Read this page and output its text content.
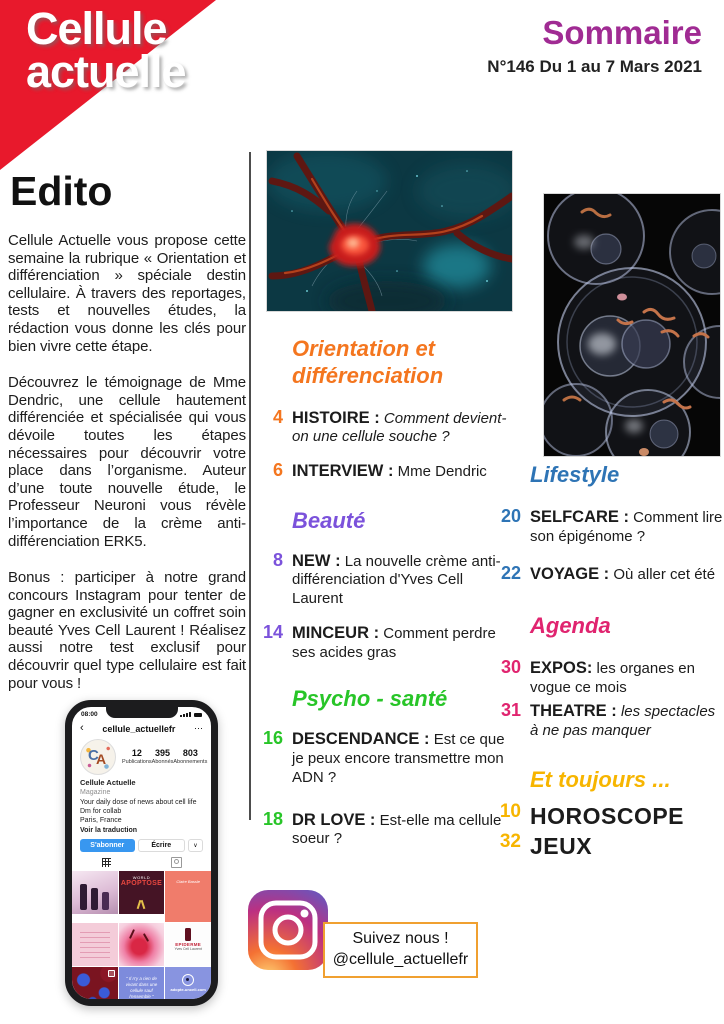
Cellule
actuelle
Sommaire
N°146 Du 1 au 7 Mars 2021
Edito

Cellule Actuelle vous propose cette semaine la rubrique « Orientation et différenciation » spéciale destin cellulaire. À travers des reportages, tests et nouvelles études, la rédaction vous donne les clés pour bien vivre cette étape.

Découvrez le témoignage de Mme Dendric, une cellule hautement différenciée et spécialisée qui vous dévoile toutes les étapes nécessaires pour découvrir votre place dans l’organisme. Auteur d’une toute nouvelle étude, le Professeur Neuroni vous révèle l’importance de la crème anti-différenciation ERK5.

Bonus : participer à notre grand concours Instagram pour tenter de gagner en exclusivité un coffret soin beauté Yves Cell Laurent ! Réalisez aussi notre test exclusif pour découvrir quel type cellulaire est fait pour vous !

Orientation et différenciation
4 HISTOIRE : Comment devient-on une cellule souche ?
6 INTERVIEW : Mme Dendric
Beauté
8 NEW : La nouvelle crème anti-différenciation d'Yves Cell Laurent
14 MINCEUR : Comment perdre ses acides gras
Psycho - santé
16 DESCENDANCE : Est ce que je peux encore transmettre mon ADN ?
18 DR LOVE : Est-elle ma cellule soeur ?
Lifestyle
20 SELFCARE : Comment lire son épigénome ?
22 VOYAGE : Où aller cet été
Agenda
30 EXPOS: les organes en vogue ce mois
31 THEATRE : les spectacles à ne pas manquer
Et toujours ...
10 HOROSCOPE
32 JEUX
08:00
‹ cellule_actuellefr ⋯
C
A	12
Publications
395
Abonnés
803
Abonnements
Cellule Actuelle
Magazine
Your daily dose of news about cell life
Dm for collab
Paris, France
Voir la traduction
S'abonner	Écrire	∨
WORLD
APOPTOSE	Claire Bassle
EPIDERME
Yves Cell Laurent
" Il n'y a rien de vivant dans une cellule sauf l'ensemble "
adopte-uncell.com
Suivez nous !
@cellule_actuellefr
